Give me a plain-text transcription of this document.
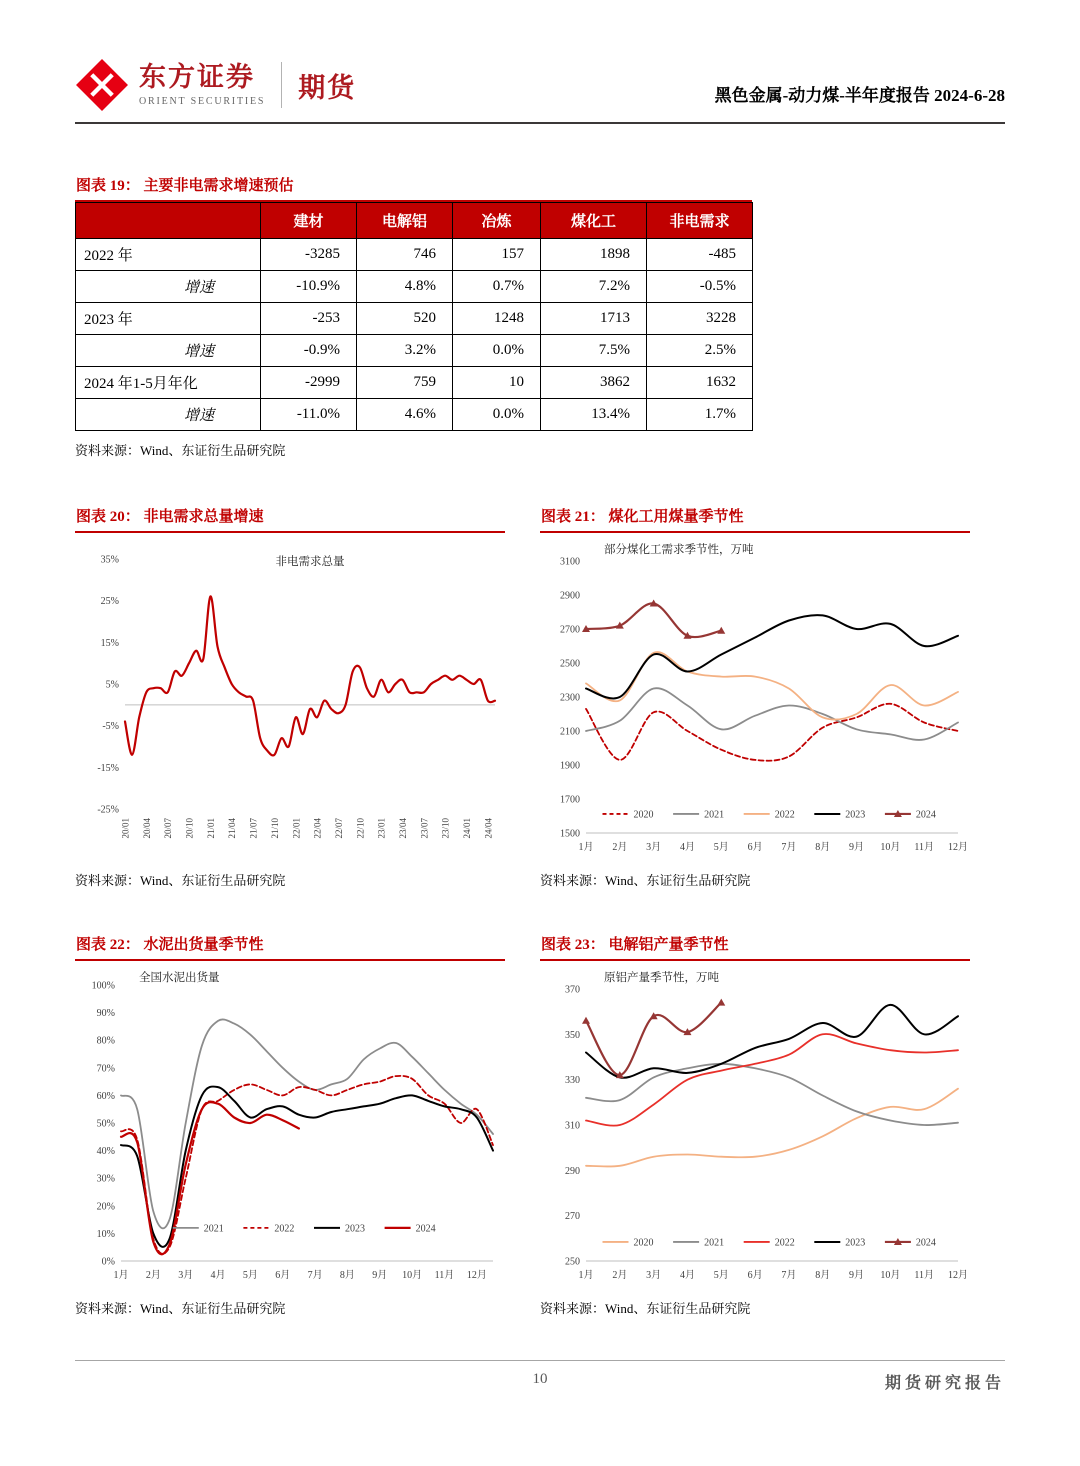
东方证券
ORIENT SECURITIES 期货	黑色金属-动力煤-半年度报告 2024-6-28
图表 19： 主要非电需求增速预估
	建材	电解铝	冶炼	煤化工	非电需求
2022 年	-3285	746	157	1898	-485
增速	-10.9%	4.8%	0.7%	7.2%	-0.5%
2023 年	-253	520	1248	1713	3228
增速	-0.9%	3.2%	0.0%	7.5%	2.5%
2024 年1-5月年化	-2999	759	10	3862	1632
增速	-11.0%	4.6%	0.0%	13.4%	1.7%
资料来源：Wind、东证衍生品研究院
图表 20： 非电需求总量增速
35%
25%
15%
5%
-5%
-15%
-25%
20/01 20/04 20/07 20/10 21/01 21/04 21/07 21/10 22/01 22/04 22/07 22/10 23/01 23/04 23/07 23/10 24/01 24/04
非电需求总量
资料来源：Wind、东证衍生品研究院
图表 21： 煤化工用煤量季节性
1500
1700
1900
2100
2300
2500
2700
2900
3100
1月 2月 3月 4月 5月 6月 7月 8月 9月 10月 11月 12月
部分煤化工需求季节性，万吨
2020	2021	2022	2023	2024
资料来源：Wind、东证衍生品研究院
图表 22： 水泥出货量季节性
100%
90%
80%
70%
60%
50%
40%
30%
20%
10%
0%
1月 2月 3月 4月 5月 6月 7月 8月 9月 10月 11月 12月
全国水泥出货量
2021	2022	2023	2024
资料来源：Wind、东证衍生品研究院
图表 23： 电解铝产量季节性
370
350
330
310
290
270
250
1月 2月 3月 4月 5月 6月 7月 8月 9月 10月 11月 12月
原铝产量季节性，万吨
2020	2021	2022	2023	2024
资料来源：Wind、东证衍生品研究院
10	期货研究报告
